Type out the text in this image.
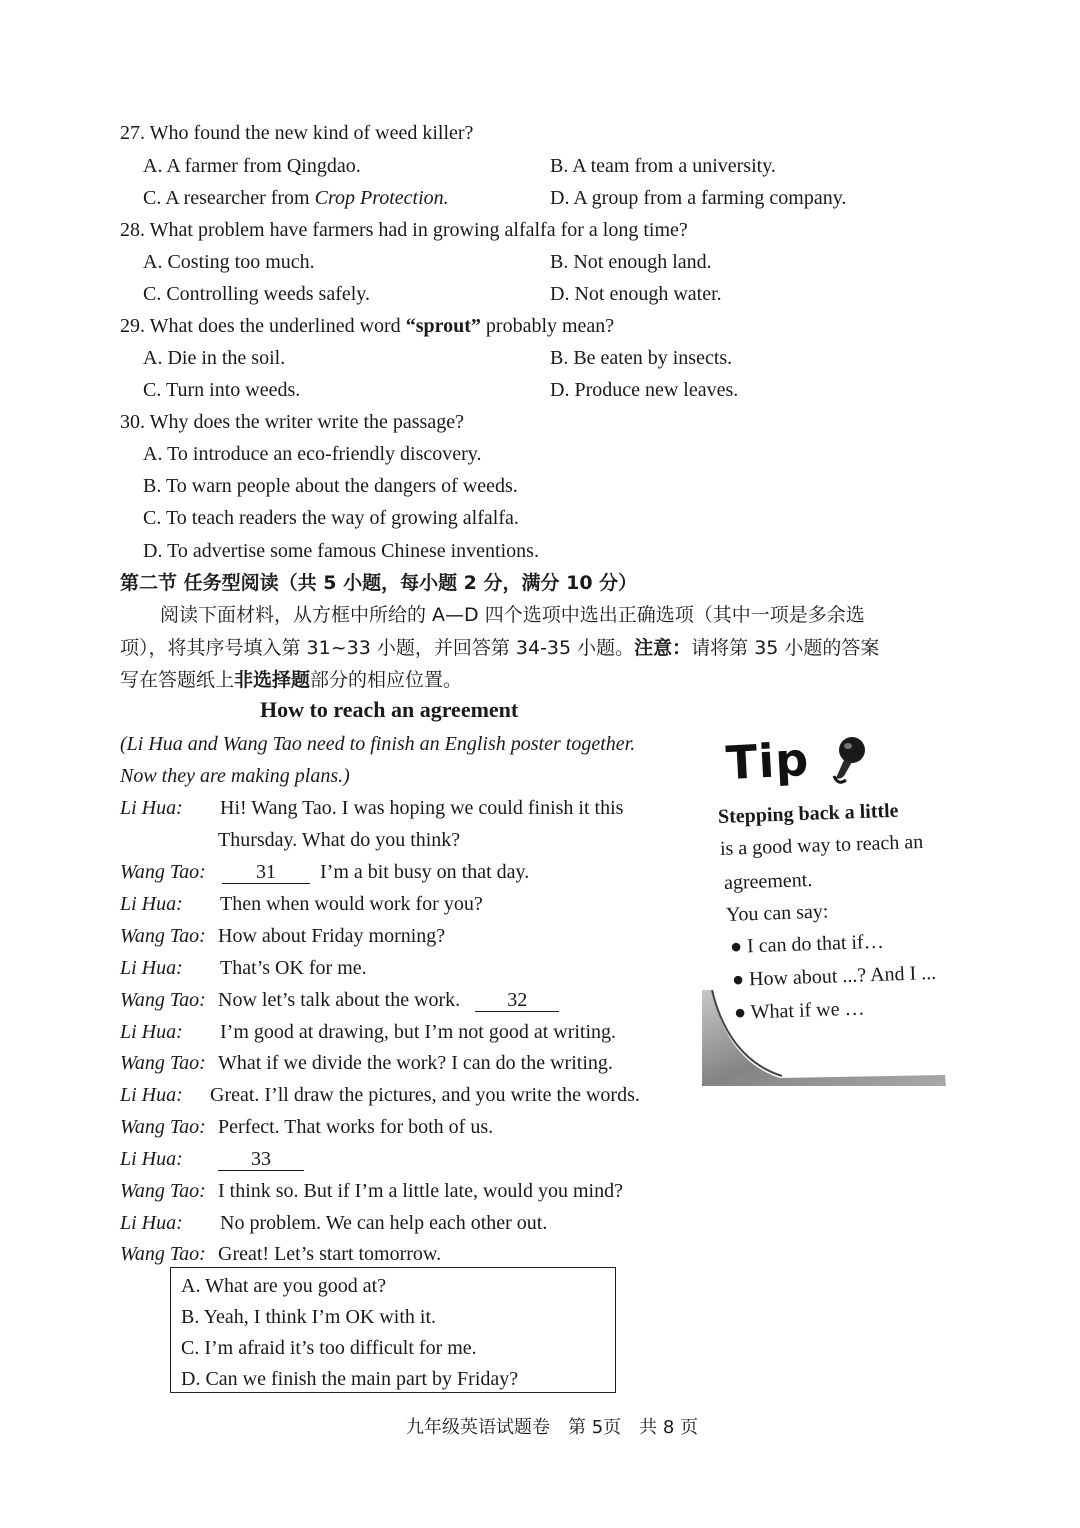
27. Who found the new kind of weed killer?
A. A farmer from Qingdao.	B. A team from a university.
C. A researcher from Crop Protection.	D. A group from a farming company.
28. What problem have farmers had in growing alfalfa for a long time?
A. Costing too much.	B. Not enough land.
C. Controlling weeds safely.	D. Not enough water.
29. What does the underlined word “sprout” probably mean?
A. Die in the soil.	B. Be eaten by insects.
C. Turn into weeds.	D. Produce new leaves.
30. Why does the writer write the passage?
A. To introduce an eco-friendly discovery.
B. To warn people about the dangers of weeds.
C. To teach readers the way of growing alfalfa.
D. To advertise some famous Chinese inventions.
第二节 任务型阅读（共 5 小题，每小题 2 分，满分 10 分）
阅读下面材料，从方框中所给的 A—D 四个选项中选出正确选项（其中一项是多余选
项），将其序号填入第 31~33 小题，并回答第 34-35 小题。注意：请将第 35 小题的答案
写在答题纸上非选择题部分的相应位置。
How to reach an agreement
(Li Hua and Wang Tao need to finish an English poster together.
Now they are making plans.)
Li Hua: Hi! Wang Tao. I was hoping we could finish it this
Thursday. What do you think?
Wang Tao:	31 I’m a bit busy on that day.
Li Hua: Then when would work for you?
Wang Tao: How about Friday morning?
Li Hua: That’s OK for me.
Wang Tao: Now let’s talk about the work. 32
Li Hua: I’m good at drawing, but I’m not good at writing.
Wang Tao: What if we divide the work? I can do the writing.
Li Hua: Great. I’ll draw the pictures, and you write the words.
Wang Tao: Perfect. That works for both of us.
Li Hua:	33
Wang Tao: I think so. But if I’m a little late, would you mind?
Li Hua: No problem. We can help each other out.
Wang Tao: Great! Let’s start tomorrow.
A. What are you good at?
B. Yeah, I think I’m OK with it.
C. I’m afraid it’s too difficult for me.
D. Can we finish the main part by Friday?
Tip
Stepping back a little
is a good way to reach an
agreement.
You can say:
● I can do that if…
● How about ...? And I ...
● What if we …
九年级英语试题卷　第 5页　共 8 页
